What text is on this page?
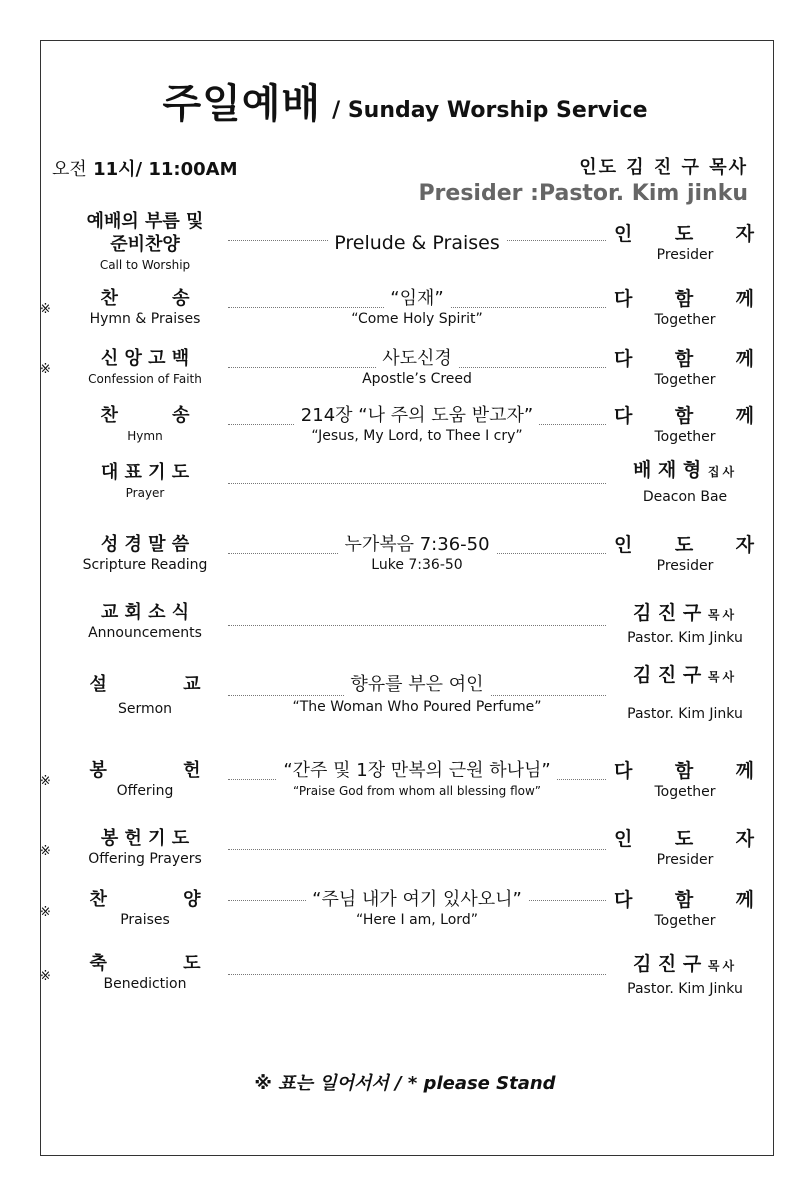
주일예배 / Sunday Worship Service
오전 11시/ 11:00AM	인도 김 진 구 목사
Presider :Pastor. Kim jinku
예배의 부름 및
준비찬양
Call to Worship
Prelude & Praises	인 도 자
Presider
※
찬 송
Hymn & Praises
“임재”
“Come Holy Spirit”
다 함 께
Together
※
신 앙 고 백
Confession of Faith
사도신경
Apostle’s Creed
다 함 께
Together
찬 송
Hymn
214장 “나 주의 도움 받고자”
“Jesus, My Lord, to Thee I cry”
다 함 께
Together
대 표 기 도
Prayer
배 재 형 집사
Deacon Bae
성 경 말 씀
Scripture Reading
누가복음 7:36-50
Luke 7:36-50
인 도 자
Presider
교 회 소 식
Announcements
김 진 구 목사
Pastor. Kim Jinku
설 교
Sermon
향유를 부은 여인
“The Woman Who Poured Perfume”
김 진 구 목사
Pastor. Kim Jinku
※
봉 헌
Offering
“간주 및 1장 만복의 근원 하나님”
“Praise God from whom all blessing flow”
다 함 께
Together
※
봉 헌 기 도
Offering Prayers
인 도 자
Presider
※
찬 양
Praises
“주님 내가 여기 있사오니”
“Here I am, Lord”
다 함 께
Together
※
축 도
Benediction
김 진 구 목사
Pastor. Kim Jinku
※ 표는 일어서서 / * please Stand
